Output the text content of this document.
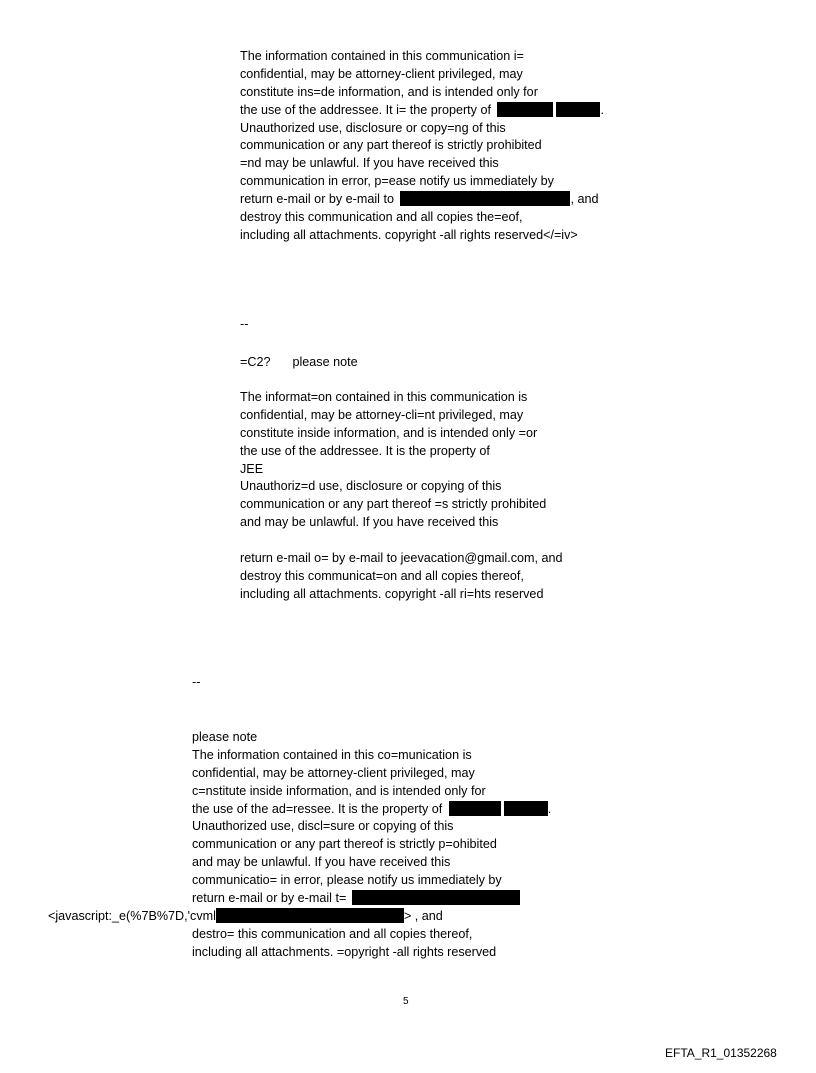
The information contained in this communication i=
confidential, may be attorney-client privileged, may
constitute ins=de information, and is intended only for
the use of the addressee. It i= the property of	.
Unauthorized use, disclosure or copy=ng of this
communication or any part thereof is strictly prohibited
=nd may be unlawful. If you have received this
communication in error, p=ease notify us immediately by
return e-mail or by e-mail to	, and
destroy this communication and all copies the=eof,
including all attachments. copyright -all rights reserved</=iv>
--
=C2? please note
The informat=on contained in this communication is
confidential, may be attorney-cli=nt privileged, may
constitute inside information, and is intended only =or
the use of the addressee. It is the property of
JEE
Unauthoriz=d use, disclosure or copying of this
communication or any part thereof =s strictly prohibited
and may be unlawful. If you have received this
return e-mail o= by e-mail to jeevacation@gmail.com, and
destroy this communicat=on and all copies thereof,
including all attachments. copyright -all ri=hts reserved
--
please note
The information contained in this co=munication is
confidential, may be attorney-client privileged, may
c=nstitute inside information, and is intended only for
the use of the ad=ressee. It is the property of	.
Unauthorized use, discl=sure or copying of this
communication or any part thereof is strictly p=ohibited
and may be unlawful. If you have received this
communicatio= in error, please notify us immediately by
return e-mail or by e-mail t=
<javascript:_e(%7B%7D,'cvml	> , and
destro= this communication and all copies thereof,
including all attachments. =opyright -all rights reserved
5
EFTA_R1_01352268
